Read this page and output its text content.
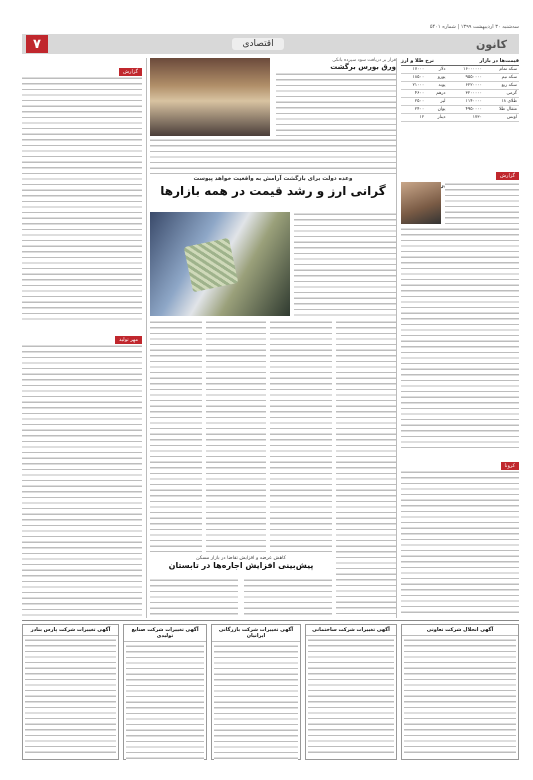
سه‌شنبه ۳۰ اردیبهشت ۱۳۹۹ | شماره ۵۴۰۱
کانون
اقتصادی
۷
قیمت‌ها در بازار
نرخ طلا و ارز
سکه تمام	۱۶۰۰۰۰۰۰	دلار	۱۷۰۰۰
سکه نیم	۹۵۵۰۰۰۰	یورو	۱۸۵۰۰
سکه ربع	۶۲۲۰۰۰۰	پوند	۲۱۰۰۰
گرمی	۳۲۰۰۰۰۰	درهم	۴۶۰۰
طلای ۱۸	۱۱۴۰۰۰۰	لیر	۲۵۰۰
مثقال طلا	۴۹۵۰۰۰۰	یوان	۲۴۰۰
اونس	۱۷۳۰	دینار	۱۲
گزارش
در
کرونا
قرار بر دریافت سود سپرده بانکی
ورق بورس برگشت
وعده دولت برای بازگشت آرامش به واقعیت خواهد پیوست
گرانی ارز و رشد قیمت در همه بازارها
کاهش عرضه و افزایش تقاضا در بازار مسکن
پیش‌بینی افزایش اجاره‌ها در تابستان
گزارش
مهر تولید
آگهی انحلال شرکت تعاونی
آگهی تغییرات شرکت ساختمانی
آگهی تغییرات شرکت بازرگانی ایرانیان
آگهی تغییرات شرکت صنایع تولیدی
آگهی تغییرات شرکت پارس بنادر
